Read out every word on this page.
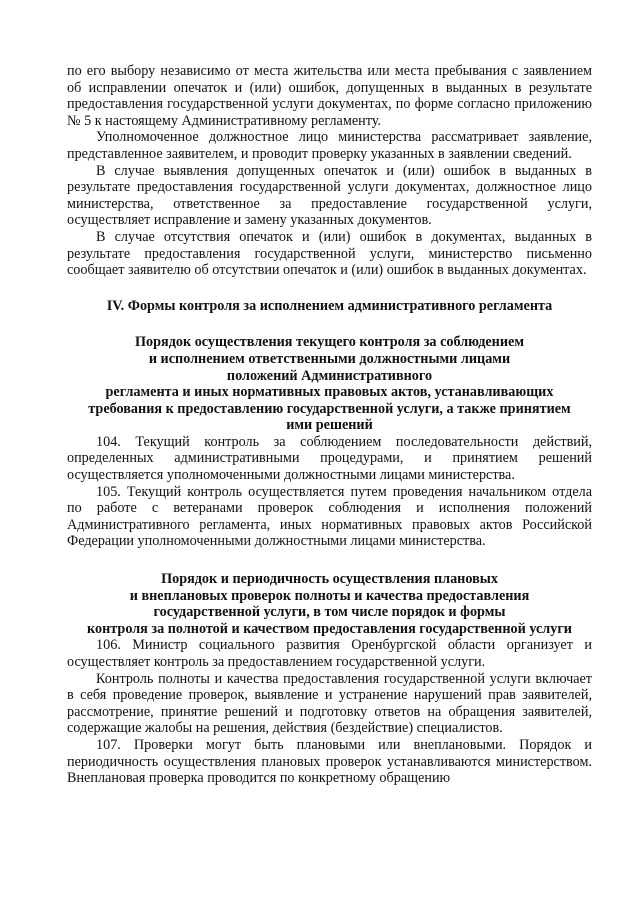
по его выбору независимо от места жительства или места пребывания с заявлением об исправлении опечаток и (или) ошибок, допущенных в выданных в результате предоставления государственной услуги документах, по форме согласно приложению № 5 к настоящему Административному регламенту.

Уполномоченное должностное лицо министерства рассматривает заявление, представленное заявителем, и проводит проверку указанных в заявлении сведений.

В случае выявления допущенных опечаток и (или) ошибок в выданных в результате предоставления государственной услуги документах, должностное лицо министерства, ответственное за предоставление государственной услуги, осуществляет исправление и замену указанных документов.

В случае отсутствия опечаток и (или) ошибок в документах, выданных в результате предоставления государственной услуги, министерство письменно сообщает заявителю об отсутствии опечаток и (или) ошибок в выданных документах.

IV. Формы контроля за исполнением административного регламента

Порядок осуществления текущего контроля за соблюдением
и исполнением ответственными должностными лицами
положений Административного
регламента и иных нормативных правовых актов, устанавливающих
требования к предоставлению государственной услуги, а также принятием
ими решений

104. Текущий контроль за соблюдением последовательности действий, определенных административными процедурами, и принятием решений осуществляется уполномоченными должностными лицами министерства.

105. Текущий контроль осуществляется путем проведения начальником отдела по работе с ветеранами проверок соблюдения и исполнения положений Административного регламента, иных нормативных правовых актов Российской Федерации уполномоченными должностными лицами министерства.

Порядок и периодичность осуществления плановых
и внеплановых проверок полноты и качества предоставления
государственной услуги, в том числе порядок и формы
контроля за полнотой и качеством предоставления государственной услуги

106. Министр социального развития Оренбургской области организует и осуществляет контроль за предоставлением государственной услуги.

Контроль полноты и качества предоставления государственной услуги включает в себя проведение проверок, выявление и устранение нарушений прав заявителей, рассмотрение, принятие решений и подготовку ответов на обращения заявителей, содержащие жалобы на решения, действия (бездействие) специалистов.

107. Проверки могут быть плановыми или внеплановыми. Порядок и периодичность осуществления плановых проверок устанавливаются министерством. Внеплановая проверка проводится по конкретному обращению
